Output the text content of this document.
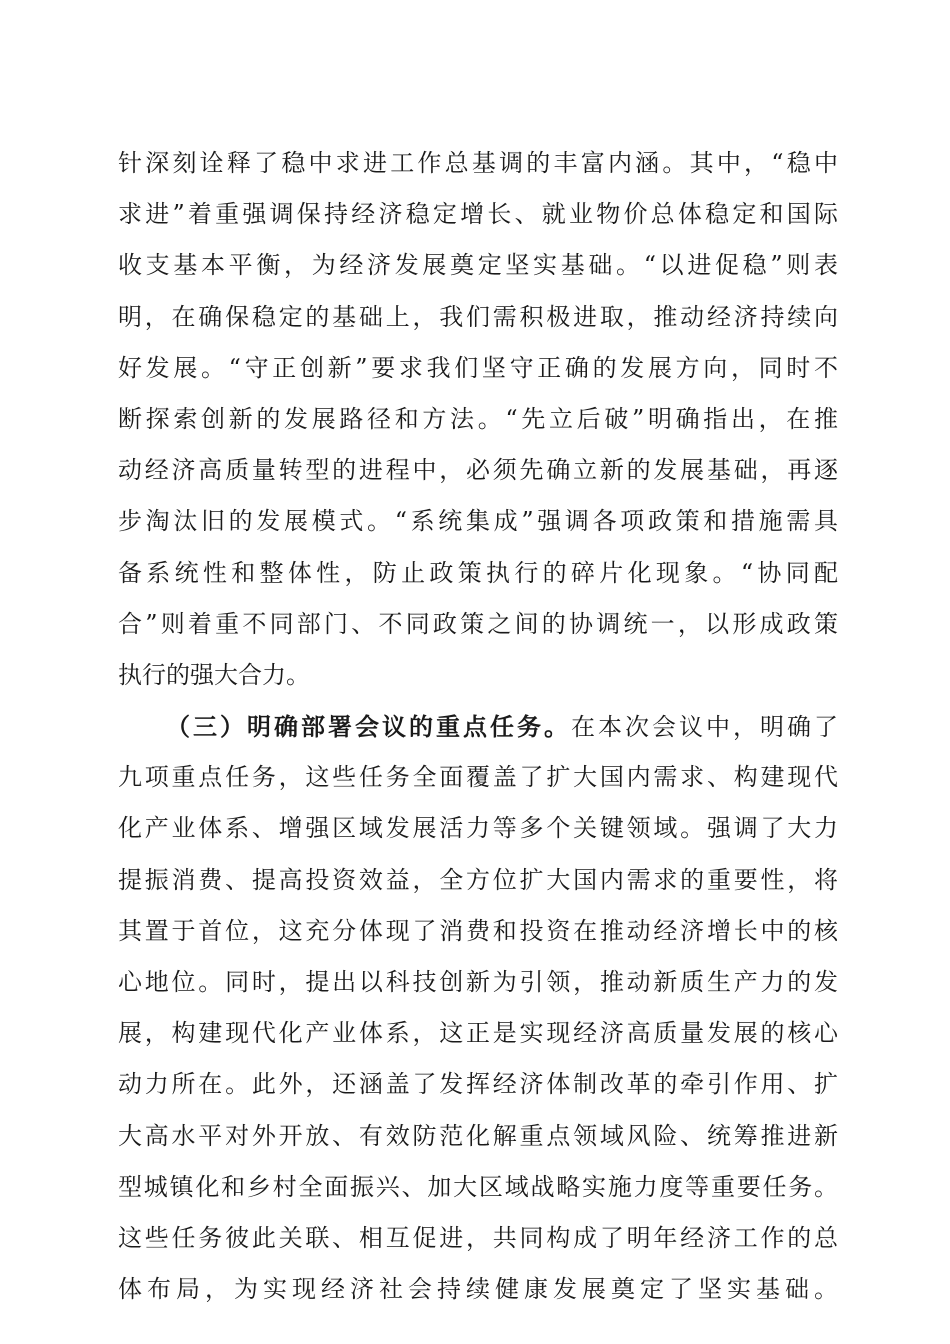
针深刻诠释了稳中求进工作总基调的丰富内涵。其中，“稳中
求进”着重强调保持经济稳定增长、就业物价总体稳定和国际
收支基本平衡，为经济发展奠定坚实基础。“以进促稳”则表
明，在确保稳定的基础上，我们需积极进取，推动经济持续向
好发展。“守正创新”要求我们坚守正确的发展方向，同时不
断探索创新的发展路径和方法。“先立后破”明确指出，在推
动经济高质量转型的进程中，必须先确立新的发展基础，再逐
步淘汰旧的发展模式。“系统集成”强调各项政策和措施需具
备系统性和整体性，防止政策执行的碎片化现象。“协同配
合”则着重不同部门、不同政策之间的协调统一，以形成政策
执行的强大合力。
（三）明确部署会议的重点任务。在本次会议中，明确了
九项重点任务，这些任务全面覆盖了扩大国内需求、构建现代
化产业体系、增强区域发展活力等多个关键领域。强调了大力
提振消费、提高投资效益，全方位扩大国内需求的重要性，将
其置于首位，这充分体现了消费和投资在推动经济增长中的核
心地位。同时，提出以科技创新为引领，推动新质生产力的发
展，构建现代化产业体系，这正是实现经济高质量发展的核心
动力所在。此外，还涵盖了发挥经济体制改革的牵引作用、扩
大高水平对外开放、有效防范化解重点领域风险、统筹推进新
型城镇化和乡村全面振兴、加大区域战略实施力度等重要任务。
这些任务彼此关联、相互促进，共同构成了明年经济工作的总
体布局，为实现经济社会持续健康发展奠定了坚实基础。
